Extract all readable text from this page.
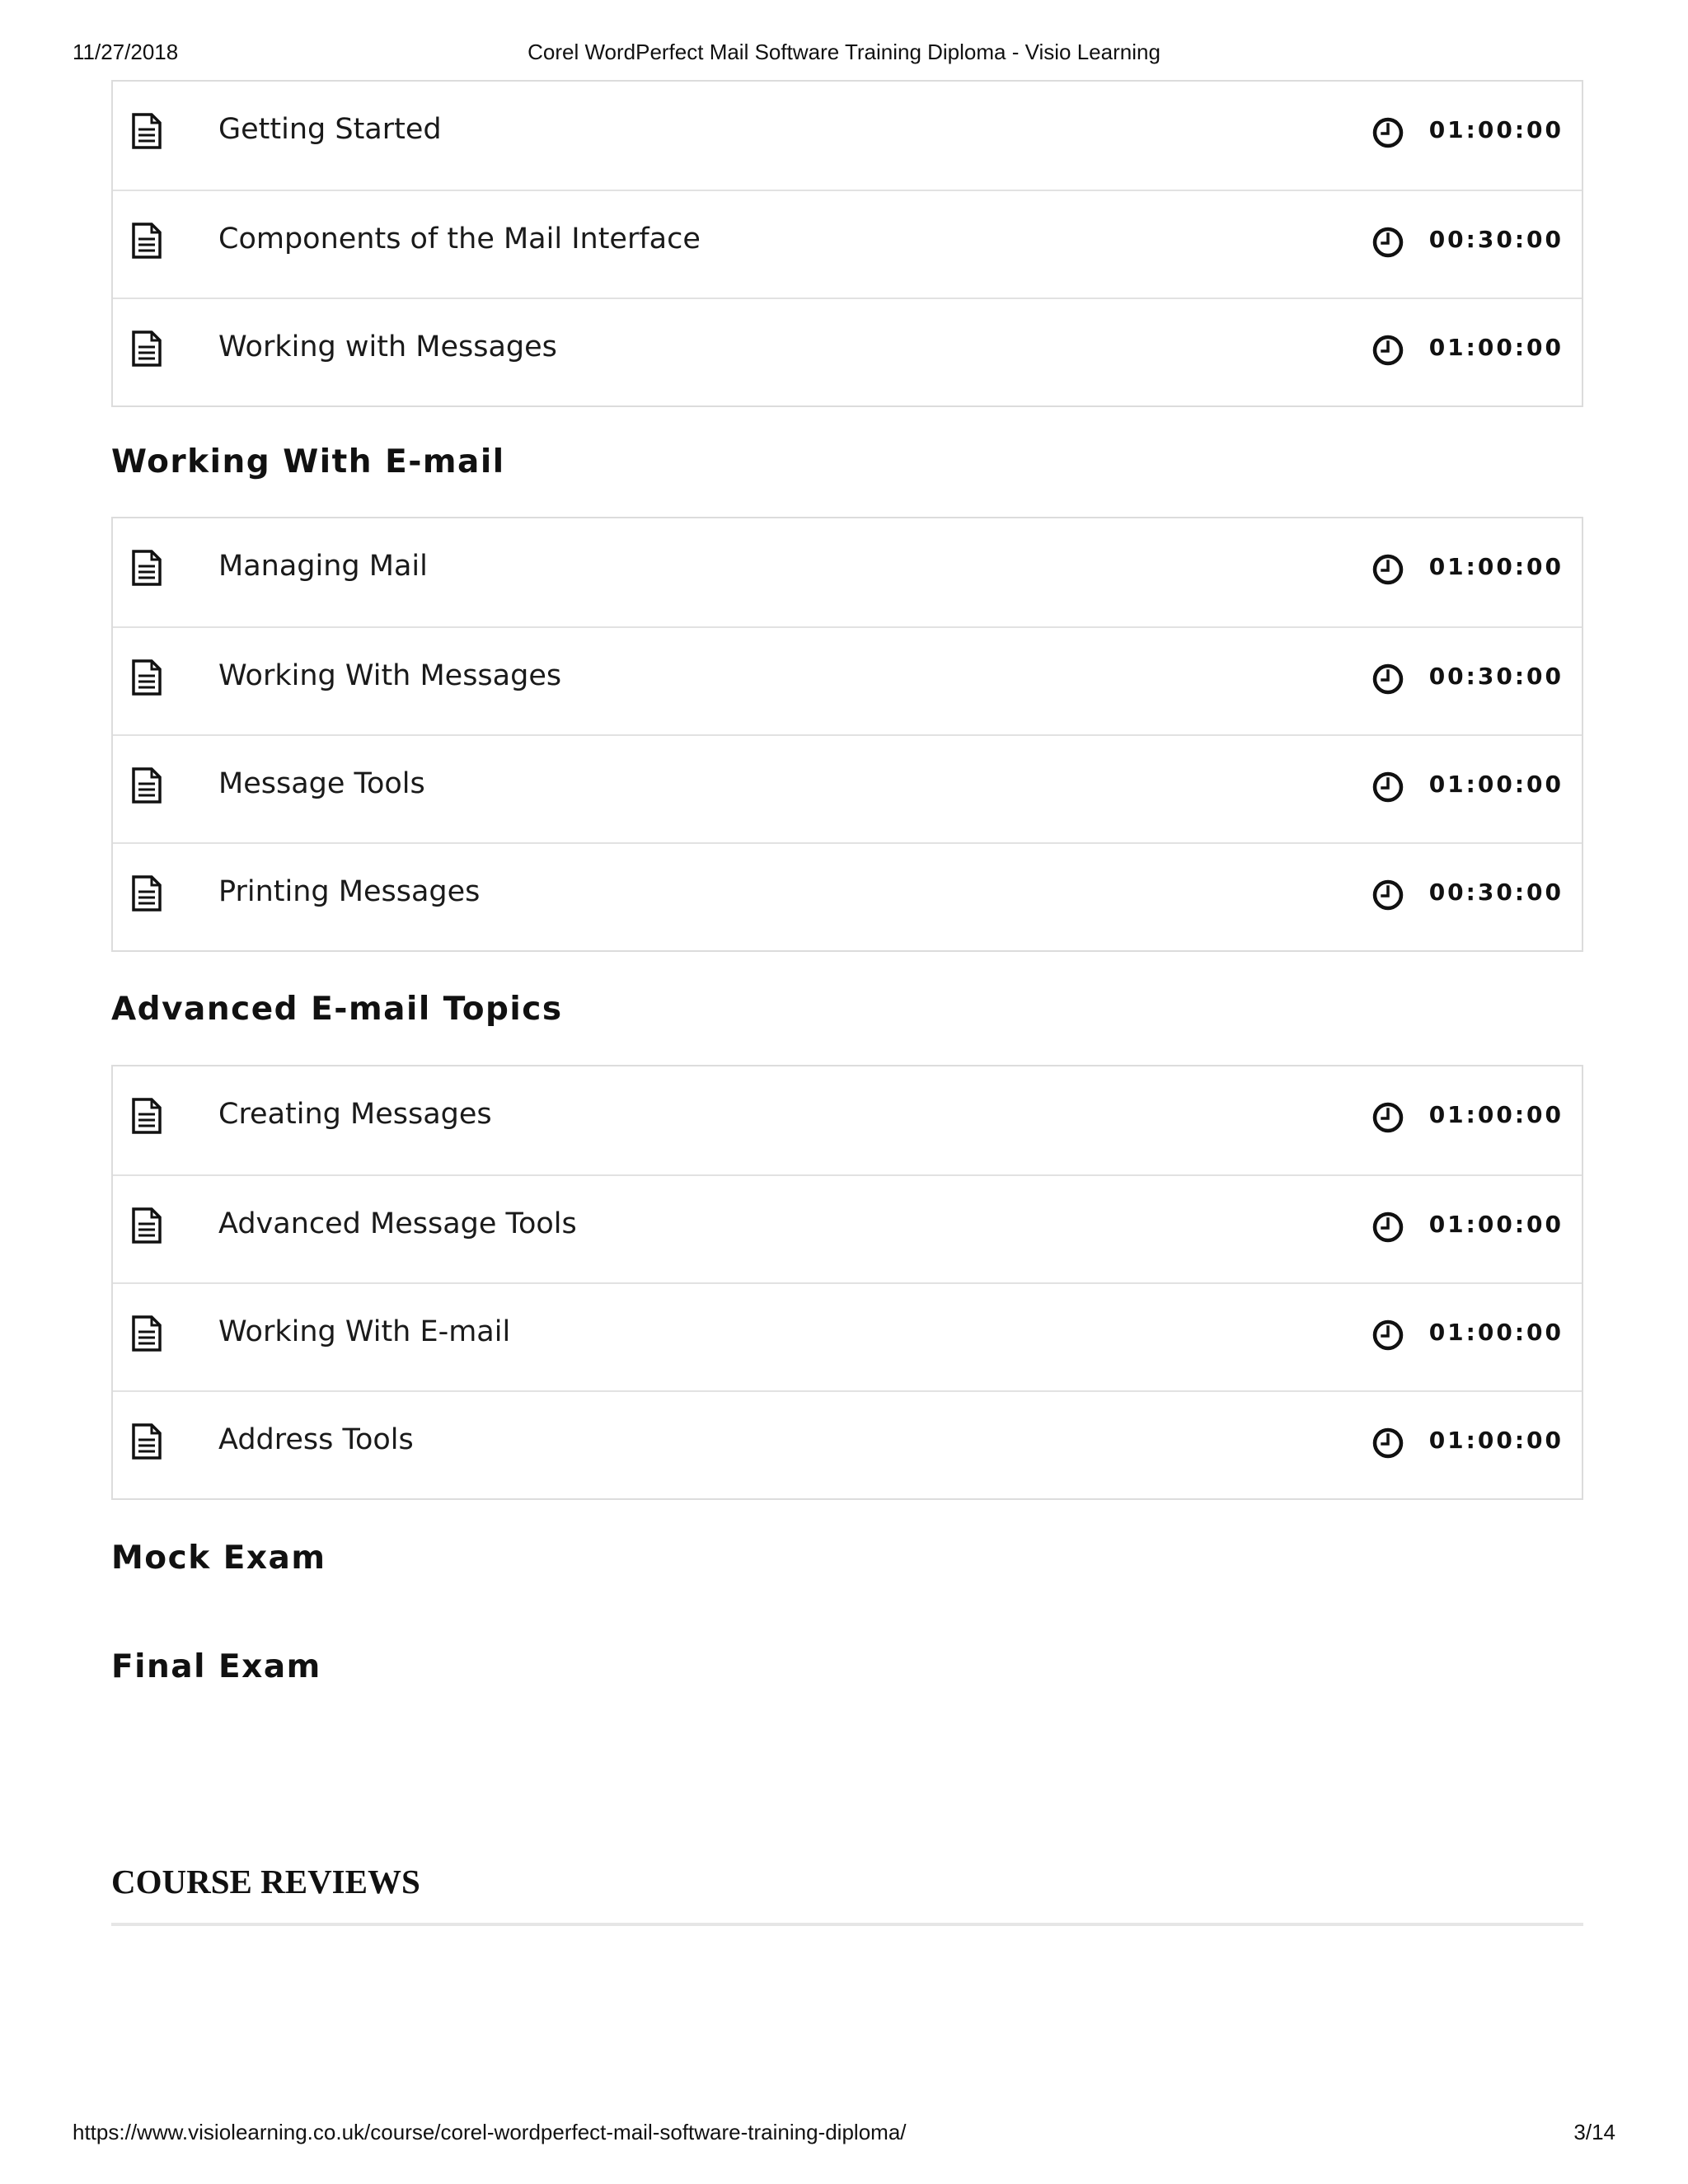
11/27/2018	Corel WordPerfect Mail Software Training Diploma - Visio Learning
Getting Started	01:00:00
Components of the Mail Interface	00:30:00
Working with Messages	01:00:00
Working With E-mail
Managing Mail	01:00:00
Working With Messages	00:30:00
Message Tools	01:00:00
Printing Messages	00:30:00
Advanced E-mail Topics
Creating Messages	01:00:00
Advanced Message Tools	01:00:00
Working With E-mail	01:00:00
Address Tools	01:00:00
Mock Exam
Final Exam
COURSE REVIEWS
https://www.visiolearning.co.uk/course/corel-wordperfect-mail-software-training-diploma/	3/14
